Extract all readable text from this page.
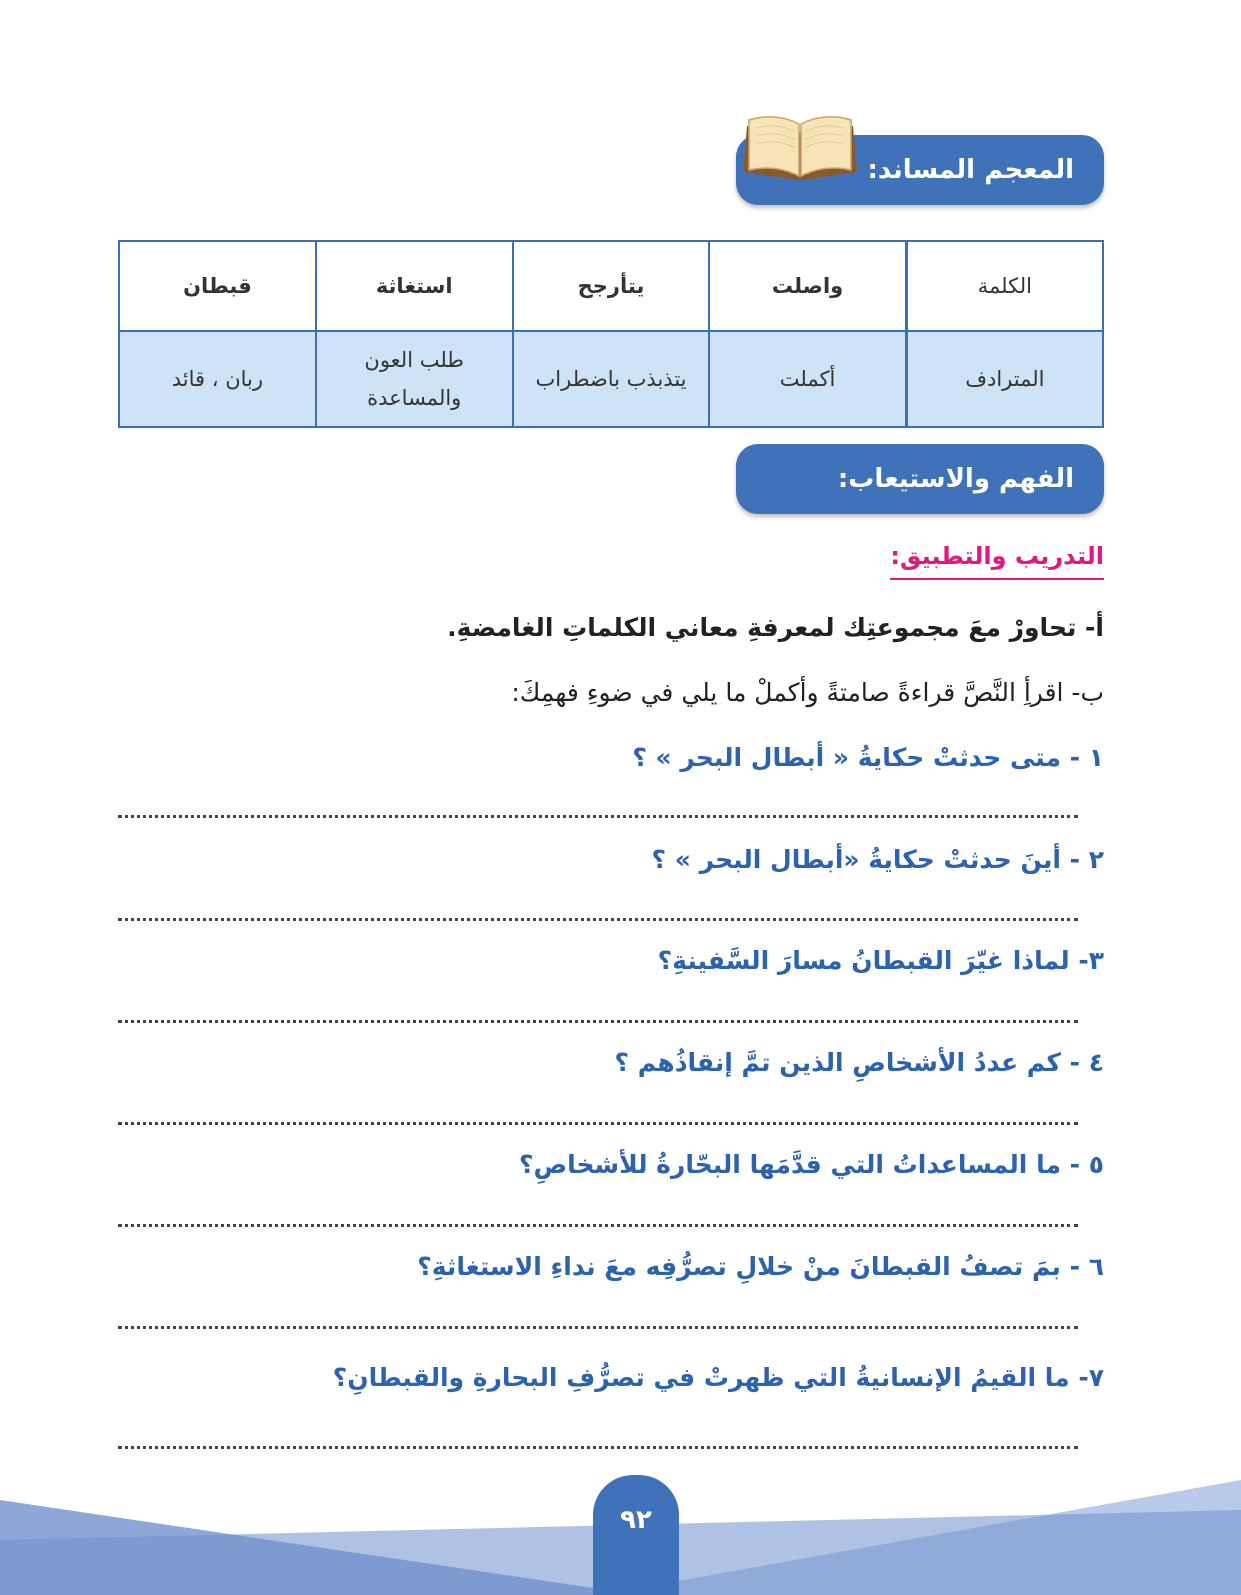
المعجم المساند:
الكلمة	واصلت	يتأرجح	استغاثة	قبطان
المترادف	أكملت	يتذبذب باضطراب	طلب العون والمساعدة	ربان ، قائد
الفهم والاستيعاب:
التدريب والتطبيق:
أ- تحاورْ معَ مجموعتِك لمعرفةِ معاني الكلماتِ الغامضةِ.
ب- اقرأِ النَّصَّ قراءةً صامتةً وأكملْ ما يلي في ضوءِ فهمِكَ:
١ - متى حدثتْ حكايةُ « أبطال البحر » ؟
٢ - أينَ حدثتْ حكايةُ «أبطال البحر » ؟
٣- لماذا غيّرَ القبطانُ مسارَ السَّفينةِ؟
٤ - كم عددُ الأشخاصِ الذين تمَّ إنقاذُهم ؟
٥ - ما المساعداتُ التي قدَّمَها البحّارةُ للأشخاصِ؟
٦ - بمَ تصفُ القبطانَ منْ خلالِ تصرُّفِه معَ نداءِ الاستغاثةِ؟
٧- ما القيمُ الإنسانيةُ التي ظهرتْ في تصرُّفِ البحارةِ والقبطانِ؟
٩٢
